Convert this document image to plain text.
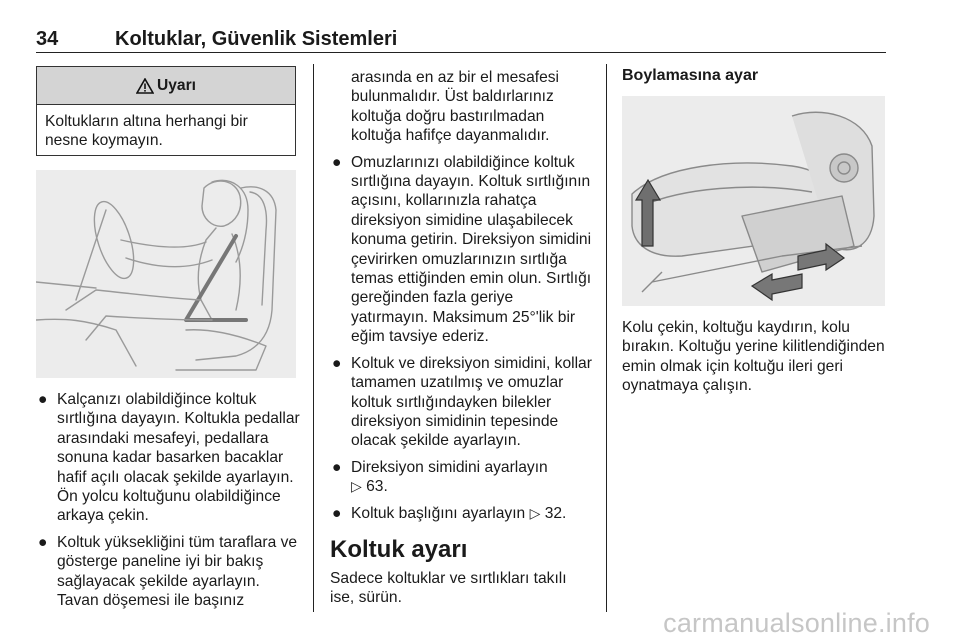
34	Koltuklar, Güvenlik Sistemleri
Uyarı
Koltukların altına herhangi bir nesne koymayın.
● Kalçanızı olabildiğince koltuk sırtlığına dayayın. Koltukla pedallar arasındaki mesafeyi, pedallara sonuna kadar basarken bacaklar hafif açılı olacak şekilde ayarlayın. Ön yolcu koltuğunu olabildiğince arkaya çekin.
● Koltuk yüksekliğini tüm taraflara ve gösterge paneline iyi bir bakış sağlayacak şekilde ayarlayın. Tavan döşemesi ile başınız
arasında en az bir el mesafesi bulunmalıdır. Üst baldırlarınız koltuğa doğru bastırılmadan koltuğa hafifçe dayanmalıdır.
● Omuzlarınızı olabildiğince koltuk sırtlığına dayayın. Koltuk sırtlığının açısını, kollarınızla rahatça direksiyon simidine ulaşabilecek konuma getirin. Direksiyon simidini çevirirken omuzlarınızın sırtlığa temas ettiğinden emin olun. Sırtlığı gereğinden fazla geriye yatırmayın. Maksimum 25°'lik bir eğim tavsiye ederiz.
● Koltuk ve direksiyon simidini, kollar tamamen uzatılmış ve omuzlar koltuk sırtlığındayken bilekler direksiyon simidinin tepesinde olacak şekilde ayarlayın.
● Direksiyon simidini ayarlayın
▷ 63.
● Koltuk başlığını ayarlayın ▷ 32.
Koltuk ayarı
Sadece koltuklar ve sırtlıkları takılı ise, sürün.
Boylamasına ayar
Kolu çekin, koltuğu kaydırın, kolu bırakın. Koltuğu yerine kilitlendiğinden emin olmak için koltuğu ileri geri oynatmaya çalışın.
carmanualsonline.info
